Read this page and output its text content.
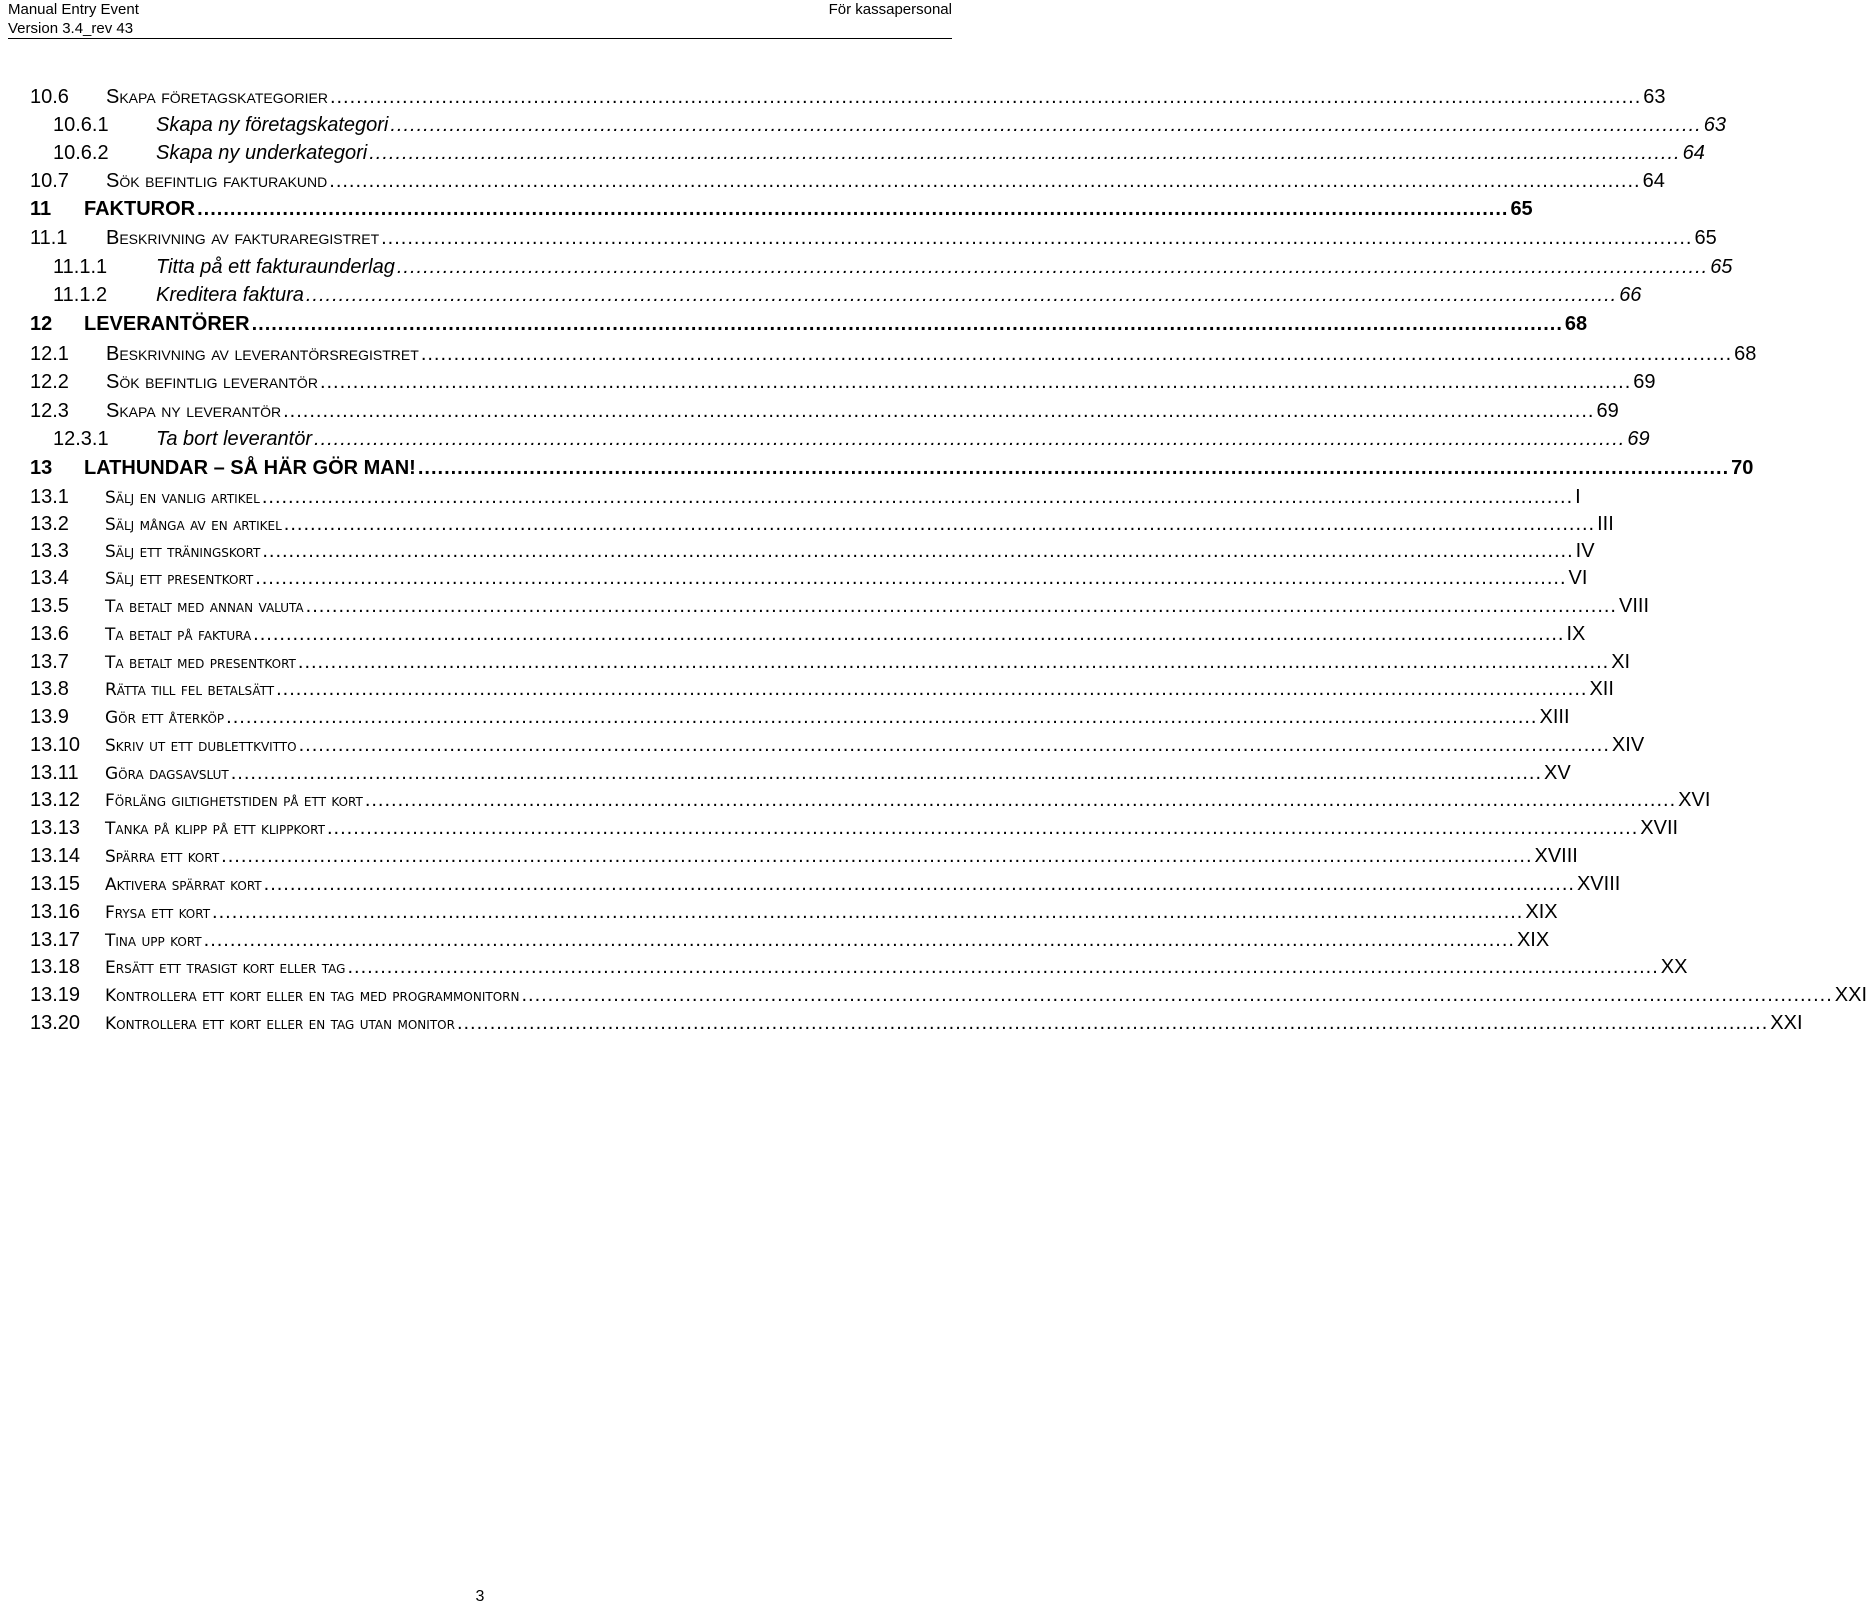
Manual Entry Event
Version 3.4_rev 43
För kassapersonal
10.6 Skapa företagskategorier ........................................................................................................................................................................................................ 63
10.6.1 Skapa ny företagskategori ........................................................................................................................................................................................................ 63
10.6.2 Skapa ny underkategori ........................................................................................................................................................................................................ 64
10.7 Sök befintlig fakturakund ........................................................................................................................................................................................................ 64
11 FAKTUROR ........................................................................................................................................................................................................ 65
11.1 Beskrivning av fakturaregistret ........................................................................................................................................................................................................ 65
11.1.1 Titta på ett fakturaunderlag ........................................................................................................................................................................................................ 65
11.1.2 Kreditera faktura ........................................................................................................................................................................................................ 66
12 LEVERANTÖRER ........................................................................................................................................................................................................ 68
12.1 Beskrivning av leverantörsregistret ........................................................................................................................................................................................................ 68
12.2 Sök befintlig leverantör ........................................................................................................................................................................................................ 69
12.3 Skapa ny leverantör ........................................................................................................................................................................................................ 69
12.3.1 Ta bort leverantör ........................................................................................................................................................................................................ 69
13 LATHUNDAR – SÅ HÄR GÖR MAN! ........................................................................................................................................................................................................ 70
13.1 Sälj en vanlig artikel ........................................................................................................................................................................................................ I
13.2 Sälj många av en artikel ........................................................................................................................................................................................................ III
13.3 Sälj ett träningskort ........................................................................................................................................................................................................ IV
13.4 Sälj ett presentkort ........................................................................................................................................................................................................ VI
13.5 Ta betalt med annan valuta ........................................................................................................................................................................................................ VIII
13.6 Ta betalt på faktura ........................................................................................................................................................................................................ IX
13.7 Ta betalt med presentkort ........................................................................................................................................................................................................ XI
13.8 Rätta till fel betalsätt ........................................................................................................................................................................................................ XII
13.9 Gör ett återköp ........................................................................................................................................................................................................ XIII
13.10 Skriv ut ett dublettkvitto ........................................................................................................................................................................................................ XIV
13.11 Göra dagsavslut ........................................................................................................................................................................................................ XV
13.12 Förläng giltighetstiden på ett kort ........................................................................................................................................................................................................ XVI
13.13 Tanka på klipp på ett klippkort ........................................................................................................................................................................................................ XVII
13.14 Spärra ett kort ........................................................................................................................................................................................................ XVIII
13.15 Aktivera spärrat kort ........................................................................................................................................................................................................ XVIII
13.16 Frysa ett kort ........................................................................................................................................................................................................ XIX
13.17 Tina upp kort ........................................................................................................................................................................................................ XIX
13.18 Ersätt ett trasigt kort eller tag ........................................................................................................................................................................................................ XX
13.19 Kontrollera ett kort eller en tag med programmonitorn ........................................................................................................................................................................................................ XXI
13.20 Kontrollera ett kort eller en tag utan monitor ........................................................................................................................................................................................................ XXI
3
